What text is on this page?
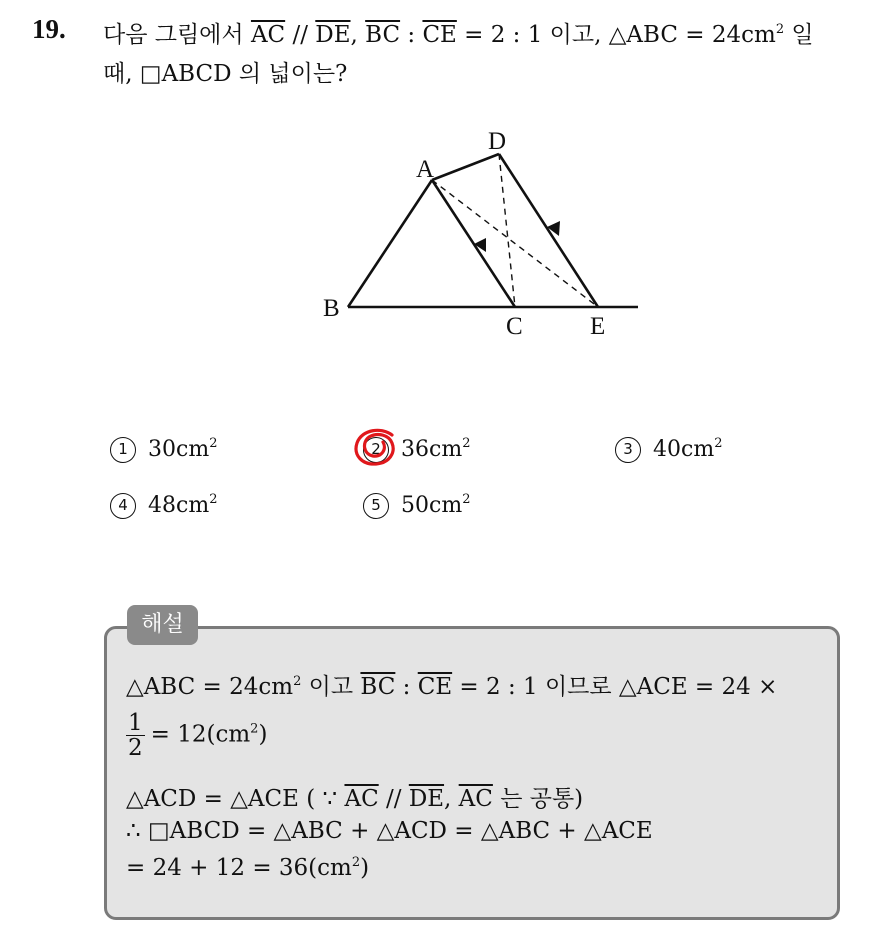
19. 다음 그림에서 $\overline{AC} // \overline{DE}$, $\overline{BC}$ : $\overline{CE} = 2$ : 1 이고, △ABC = $24cm^2$ 일
때, □ABCD 의 넓이는?
A
D
B
C	E
1 $30cm^2$	2 $36cm^2$	3 $40cm^2$
4 $48cm^2$	5 $50cm^2$
해설
△ABC = $24cm^2$ 이고 $\overline{BC}$ : $\overline{CE} = 2$ : 1 이므로 △ACE = 24 ×
$\frac{1}{2} = 12(cm^2)$
△ACD = △ACE ( ∵ $\overline{AC} // \overline{DE}$, $\overline{AC}$ 는 공통)
∴ □ABCD = △ABC + △ACD = △ABC + △ACE
= $24 + 12 = 36(cm^2)$
